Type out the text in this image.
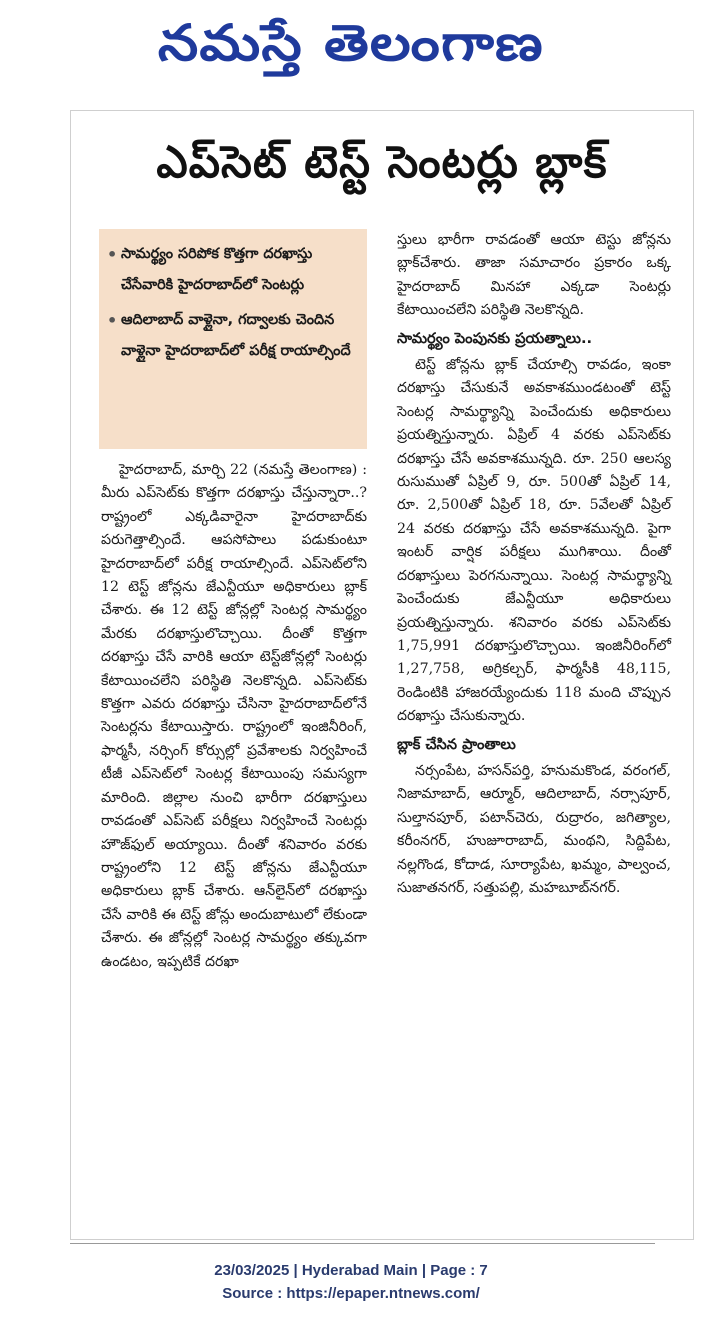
నమస్తే తెలంగాణ
ఎప్‌సెట్ టెస్ట్ సెంటర్లు బ్లాక్
• సామర్థ్యం సరిపోక కొత్తగా దరఖాస్తు చేసేవారికి హైదరాబాద్‌లో సెంటర్లు
• ఆదిలాబాద్ వాళ్లైనా, గద్వాలకు చెందిన వాళ్లైనా హైదరాబాద్‌లో పరీక్ష రాయాల్సిందే

హైదరాబాద్, మార్చి 22 (నమస్తే తెలంగాణ) : మీరు ఎప్‌సెట్‌కు కొత్తగా దరఖాస్తు చేస్తున్నారా..? రాష్ట్రంలో ఎక్కడివారైనా హైదరాబాద్‌కు పరుగెత్తాల్సిందే. ఆపసోపాలు పడుకుంటూ హైదరాబాద్‌లో పరీక్ష రాయాల్సిందే. ఎప్‌సెట్‌లోని 12 టెస్ట్ జోన్లను జేఎన్టీయూ అధికారులు బ్లాక్ చేశారు. ఈ 12 టెస్ట్ జోన్లల్లో సెంటర్ల సామర్థ్యం మేరకు దరఖాస్తులొచ్చాయి. దీంతో కొత్తగా దరఖాస్తు చేసే వారికి ఆయా టెస్ట్‌జోన్లల్లో సెంటర్లు కేటాయించలేని పరిస్థితి నెలకొన్నది. ఎప్‌సెట్‌కు కొత్తగా ఎవరు దరఖాస్తు చేసినా హైదరాబాద్‌లోనే సెంటర్లను కేటాయిస్తారు. రాష్ట్రంలో ఇంజినీరింగ్, ఫార్మసీ, నర్సింగ్ కోర్సుల్లో ప్రవేశాలకు నిర్వహించే టీజీ ఎప్‌సెట్‌లో సెంటర్ల కేటాయింపు సమస్యగా మారింది. జిల్లాల నుంచి భారీగా దరఖాస్తులు రావడంతో ఎప్‌సెట్ పరీక్షలు నిర్వహించే సెంటర్లు హౌజ్‌ఫుల్ అయ్యాయి. దీంతో శనివారం వరకు రాష్ట్రంలోని 12 టెస్ట్ జోన్లను జేఎన్టీయూ అధికారులు బ్లాక్ చేశారు. ఆన్‌లైన్‌లో దరఖాస్తు చేసే వారికి ఈ టెస్ట్ జోన్లు అందుబాటులో లేకుండా చేశారు. ఈ జోన్లల్లో సెంటర్ల సామర్థ్యం తక్కువగా ఉండటం, ఇప్పటికే దరఖా

స్తులు భారీగా రావడంతో ఆయా టెస్టు జోన్లను బ్లాక్‌చేశారు. తాజా సమాచారం ప్రకారం ఒక్క హైదరాబాద్ మినహా ఎక్కడా సెంటర్లు కేటాయించలేని పరిస్థితి నెలకొన్నది.

సామర్థ్యం పెంపునకు ప్రయత్నాలు..

టెస్ట్ జోన్లను బ్లాక్ చేయాల్సి రావడం, ఇంకా దరఖాస్తు చేసుకునే అవకాశముండటంతో టెస్ట్ సెంటర్ల సామర్థ్యాన్ని పెంచేందుకు అధికారులు ప్రయత్నిస్తున్నారు. ఏప్రిల్ 4 వరకు ఎప్‌సెట్‌కు దరఖాస్తు చేసే అవకాశమున్నది. రూ. 250 ఆలస్య రుసుముతో ఏప్రిల్ 9, రూ. 500తో ఏప్రిల్ 14, రూ. 2,500తో ఏప్రిల్ 18, రూ. 5వేలతో ఏప్రిల్ 24 వరకు దరఖాస్తు చేసే అవకాశమున్నది. పైగా ఇంటర్ వార్షిక పరీక్షలు ముగిశాయి. దీంతో దరఖాస్తులు పెరగనున్నాయి. సెంటర్ల సామర్థ్యాన్ని పెంచేందుకు జేఎన్టీయూ అధికారులు ప్రయత్నిస్తున్నారు. శనివారం వరకు ఎప్‌సెట్‌కు 1,75,991 దరఖాస్తులొచ్చాయి. ఇంజినీరింగ్‌లో 1,27,758, అగ్రికల్చర్, ఫార్మసీకి 48,115, రెండింటికి హాజరయ్యేందుకు 118 మంది చొప్పున దరఖాస్తు చేసుకున్నారు.

బ్లాక్ చేసిన ప్రాంతాలు

నర్సంపేట, హసన్‌పర్తి, హనుమకొండ, వరంగల్, నిజామాబాద్, ఆర్మూర్, ఆదిలాబాద్, నర్సాపూర్, సుల్తానపూర్, పటాన్‌చెరు, రుద్రారం, జగిత్యాల, కరీంనగర్, హుజూరాబాద్, మంథని, సిద్దిపేట, నల్లగొండ, కోదాడ, సూర్యాపేట, ఖమ్మం, పాల్వంచ, సుజాతనగర్, సత్తుపల్లి, మహబూబ్‌నగర్.

23/03/2025 | Hyderabad Main | Page : 7
Source : https://epaper.ntnews.com/
